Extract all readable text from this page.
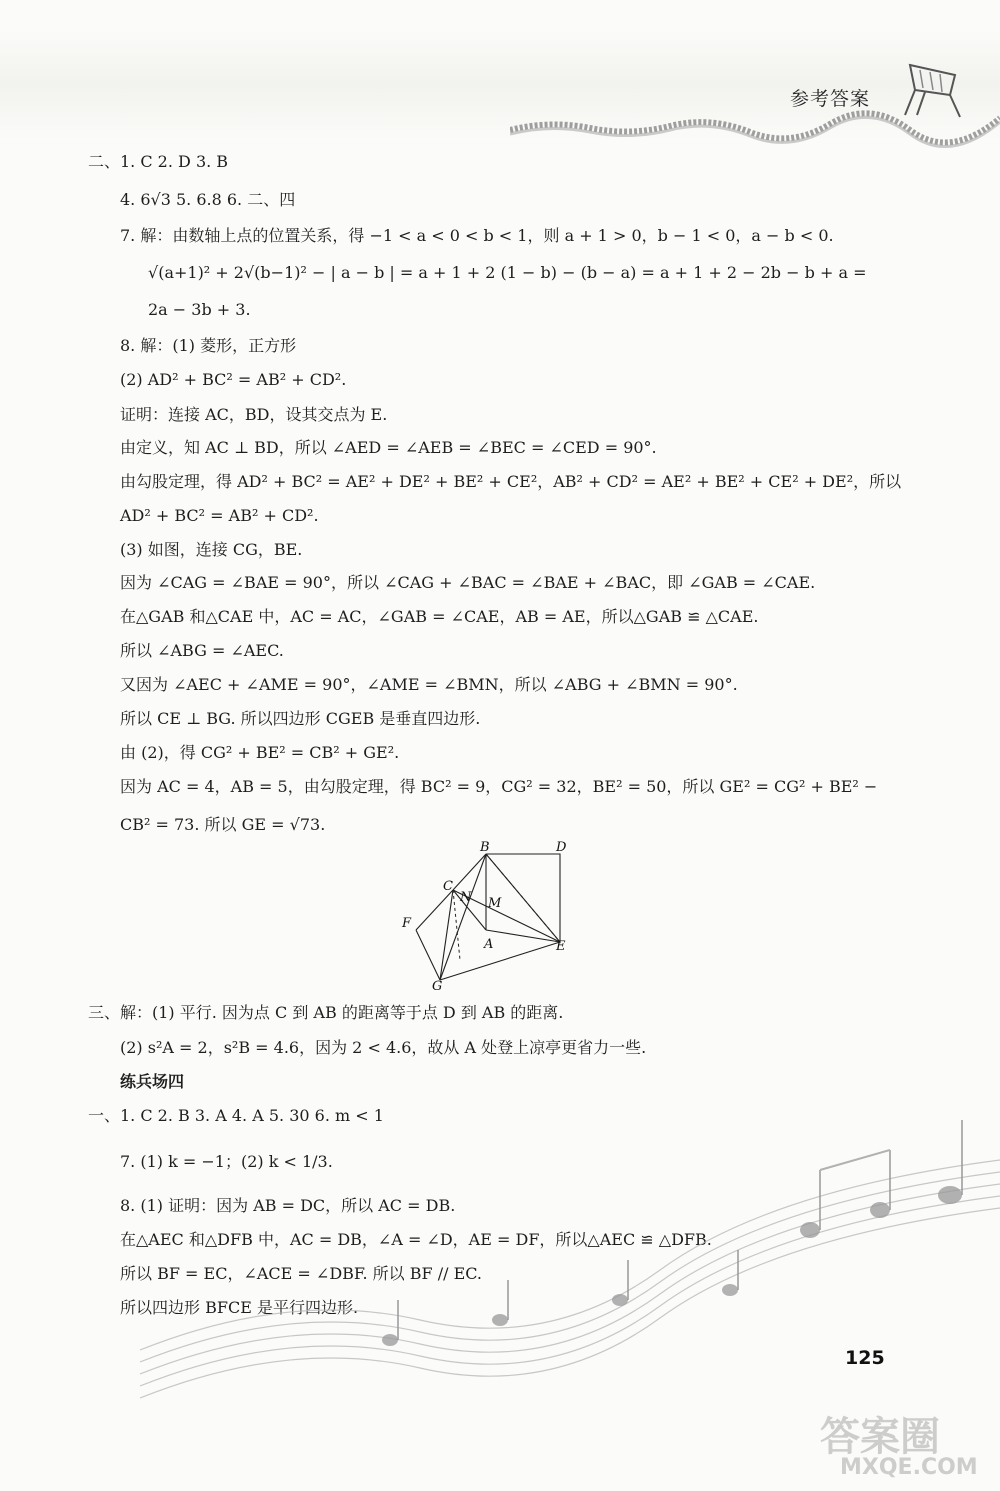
参考答案
二、1. C 2. D 3. B
4. 6√3 5. 6.8 6. 二、四
7. 解：由数轴上点的位置关系，得 −1 < a < 0 < b < 1，则 a + 1 > 0，b − 1 < 0，a − b < 0.
√(a+1)² + 2√(b−1)² − | a − b | = a + 1 + 2 (1 − b) − (b − a) = a + 1 + 2 − 2b − b + a =
2a − 3b + 3.
8. 解：(1) 菱形，正方形
(2) AD² + BC² = AB² + CD².
证明：连接 AC，BD，设其交点为 E.
由定义，知 AC ⊥ BD，所以 ∠AED = ∠AEB = ∠BEC = ∠CED = 90°.
由勾股定理，得 AD² + BC² = AE² + DE² + BE² + CE²，AB² + CD² = AE² + BE² + CE² + DE²，所以
AD² + BC² = AB² + CD².
(3) 如图，连接 CG，BE.
因为 ∠CAG = ∠BAE = 90°，所以 ∠CAG + ∠BAC = ∠BAE + ∠BAC，即 ∠GAB = ∠CAE.
在△GAB 和△CAE 中，AC = AC，∠GAB = ∠CAE，AB = AE，所以△GAB ≌ △CAE.
所以 ∠ABG = ∠AEC.
又因为 ∠AEC + ∠AME = 90°，∠AME = ∠BMN，所以 ∠ABG + ∠BMN = 90°.
所以 CE ⊥ BG. 所以四边形 CGEB 是垂直四边形.
由 (2)，得 CG² + BE² = CB² + GE².
因为 AC = 4，AB = 5，由勾股定理，得 BC² = 9，CG² = 32，BE² = 50，所以 GE² = CG² + BE² −
CB² = 73. 所以 GE = √73.
三、解：(1) 平行. 因为点 C 到 AB 的距离等于点 D 到 AB 的距离.
(2) s²A = 2，s²B = 4.6，因为 2 < 4.6，故从 A 处登上凉亭更省力一些.
练兵场四
一、1. C 2. B 3. A 4. A 5. 30 6. m < 1
7. (1) k = −1；(2) k < 1/3.
8. (1) 证明：因为 AB = DC，所以 AC = DB.
在△AEC 和△DFB 中，AC = DB，∠A = ∠D，AE = DF，所以△AEC ≌ △DFB.
所以 BF = EC，∠ACE = ∠DBF. 所以 BF // EC.
所以四边形 BFCE 是平行四边形.
B	D
C
N M
F
A	E
G
125
答案圈
MXQE.COM
